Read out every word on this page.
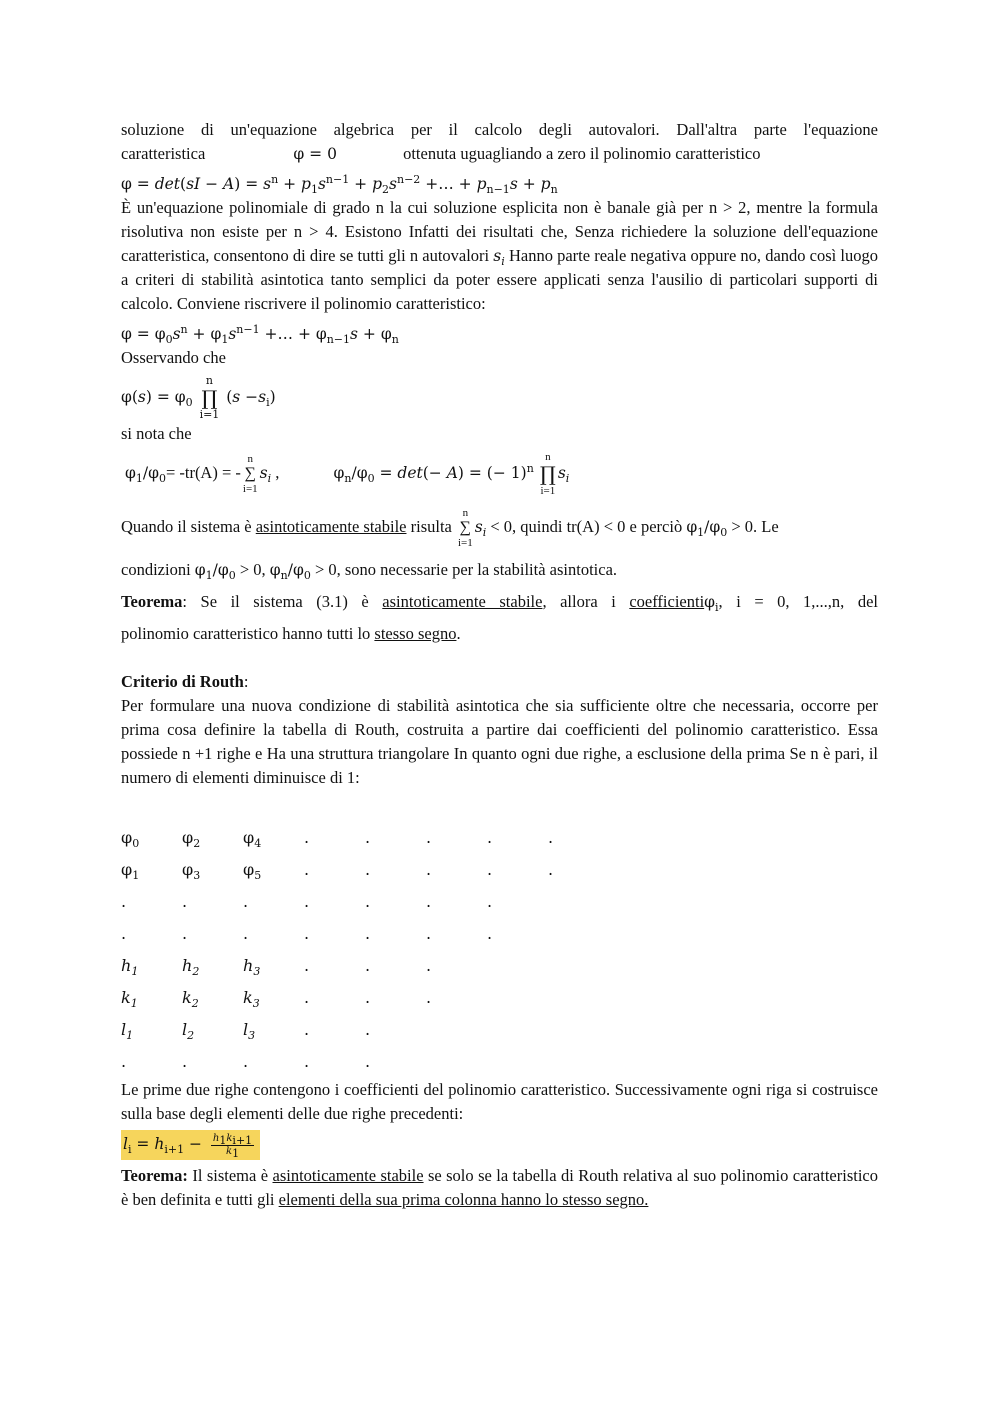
soluzione di un'equazione algebrica per il calcolo degli autovalori. Dall'altra parte l'equazione

caratteristica	φ = 0	ottenuta uguagliando a zero il polinomio caratteristico

$\varphi = \det(sI - A) = s^n + p_1s^{n-1} + p_2s^{n-2}$ +… + $p_{n-1}s + p_n$

È un'equazione polinomiale di grado n la cui soluzione esplicita non è banale già per n > 2, mentre la formula risolutiva non esiste per n > 4. Esistono Infatti dei risultati che, Senza richiedere la soluzione dell'equazione caratteristica, consentono di dire se tutti gli n autovalori $s_i$ Hanno parte reale negativa oppure no, dando così luogo a criteri di stabilità asintotica tanto semplici da poter essere applicati senza l'ausilio di particolari supporti di calcolo. Conviene riscrivere il polinomio caratteristico:

$\varphi = \varphi_0s^n + \varphi_1s^{n-1}$ +… + $\varphi_{n-1}s + \varphi_n$

Osservando che

$\varphi(s) = \varphi_0$
n
∏
i=1
$(s -s_i)$

si nota che

$\varphi_1/\varphi_0= -tr(A)$ = -
n
∑
i=1
$s_i$ ,	$\varphi_n/\varphi_0 = \det(- A)$ = (− 1)$^n$
n
∏
i=1
$s_i$

Quando il sistema è asintoticamente stabile risulta
n
∑
i=1
$s_i < 0$, quindi tr(A) < 0 e perciò $\varphi_1/\varphi_0 > 0$. Le

condizioni $\varphi_1/\varphi_0 > 0$, $\varphi_n/\varphi_0 > 0$, sono necessarie per la stabilità asintotica.

Teorema: Se il sistema (3.1) è asintoticamente stabile, allora i coefficientiφ$_i$, i = 0, 1,...,n, del

polinomio caratteristico hanno tutti lo stesso segno.

Criterio di Routh:

Per formulare una nuova condizione di stabilità asintotica che sia sufficiente oltre che necessaria, occorre per prima cosa definire la tabella di Routh, costruita a partire dai coefficienti del polinomio caratteristico. Essa possiede n +1 righe e Ha una struttura triangolare In quanto ogni due righe, a esclusione della prima Se n è pari, il numero di elementi diminuisce di 1:

$\varphi_0$	$\varphi_2$	$\varphi_4$	.	.	.	.	.
$\varphi_1$	$\varphi_3$	$\varphi_5$	.	.	.	.	.
.	.	.	.	.	.	.
.	.	.	.	.	.	.
$h_1$	$h_2$	$h_3$	.	.	.
$k_1$	$k_2$	$k_3$	.	.	.
$l_1$	$l_2$	$l_3$	.	.
.	.	.	.	.

Le prime due righe contengono i coefficienti del polinomio caratteristico. Successivamente ogni riga si costruisce sulla base degli elementi delle due righe precedenti:

$l_i = h_{i+1} - \frac{h_1k_{i+1}}{k_1}$

Teorema: Il sistema è asintoticamente stabile se solo se la tabella di Routh relativa al suo polinomio caratteristico è ben definita e tutti gli elementi della sua prima colonna hanno lo stesso segno.
